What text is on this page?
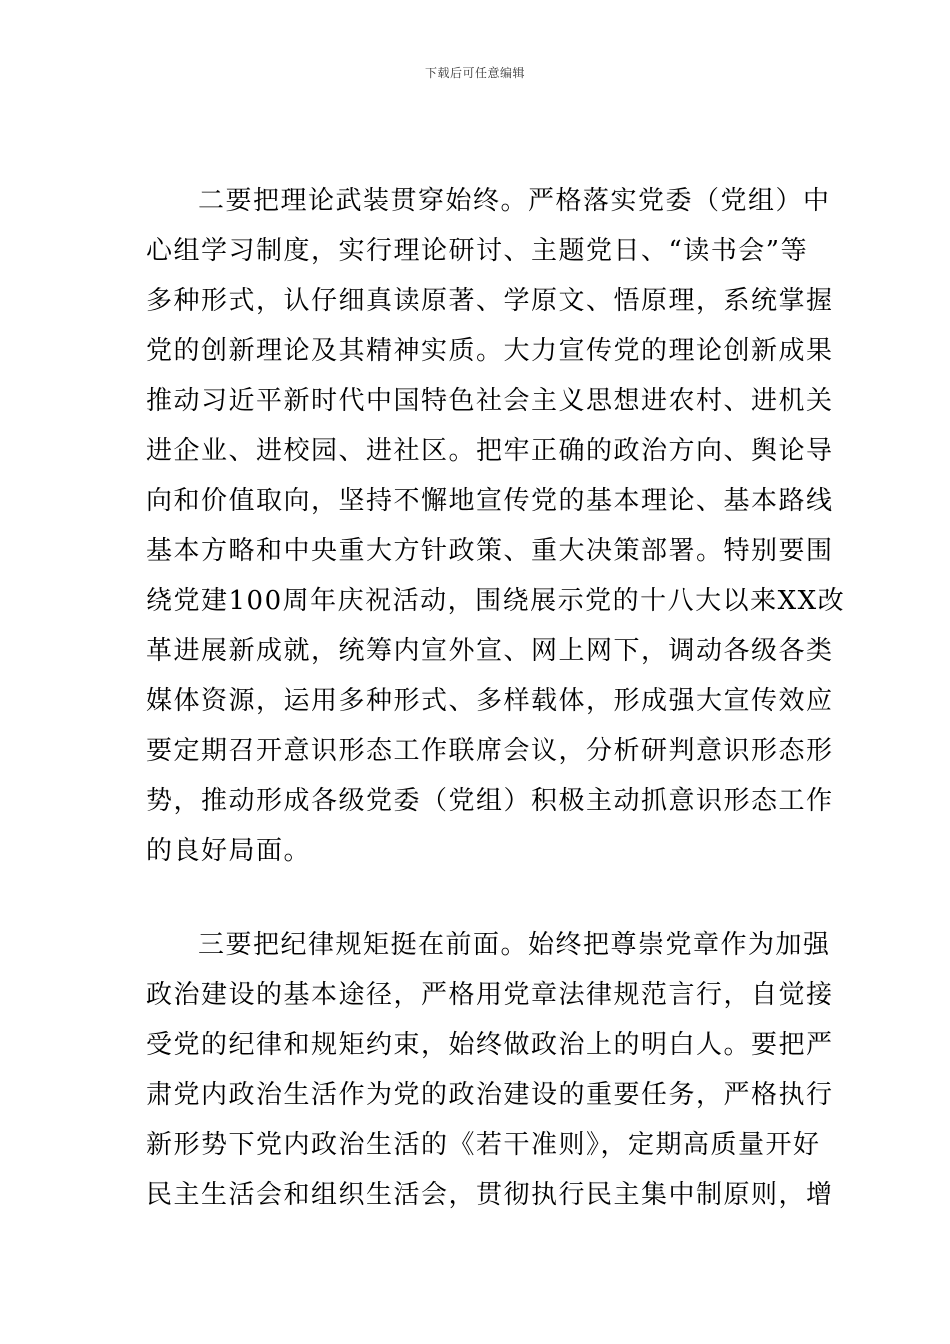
下载后可任意编辑
二要把理论武装贯穿始终。严格落实党委（党组）中
心组学习制度，实行理论研讨、主题党日、“读书会”等
多种形式，认仔细真读原著、学原文、悟原理，系统掌握
党的创新理论及其精神实质。大力宣传党的理论创新成果
推动习近平新时代中国特色社会主义思想进农村、进机关
进企业、进校园、进社区。把牢正确的政治方向、舆论导
向和价值取向，坚持不懈地宣传党的基本理论、基本路线
基本方略和中央重大方针政策、重大决策部署。特别要围
绕党建100周年庆祝活动，围绕展示党的十八大以来XX改
革进展新成就，统筹内宣外宣、网上网下，调动各级各类
媒体资源，运用多种形式、多样载体，形成强大宣传效应
要定期召开意识形态工作联席会议，分析研判意识形态形
势，推动形成各级党委（党组）积极主动抓意识形态工作
的良好局面。
三要把纪律规矩挺在前面。始终把尊崇党章作为加强
政治建设的基本途径，严格用党章法律规范言行，自觉接
受党的纪律和规矩约束，始终做政治上的明白人。要把严
肃党内政治生活作为党的政治建设的重要任务，严格执行
新形势下党内政治生活的《若干准则》，定期高质量开好
民主生活会和组织生活会，贯彻执行民主集中制原则，增
